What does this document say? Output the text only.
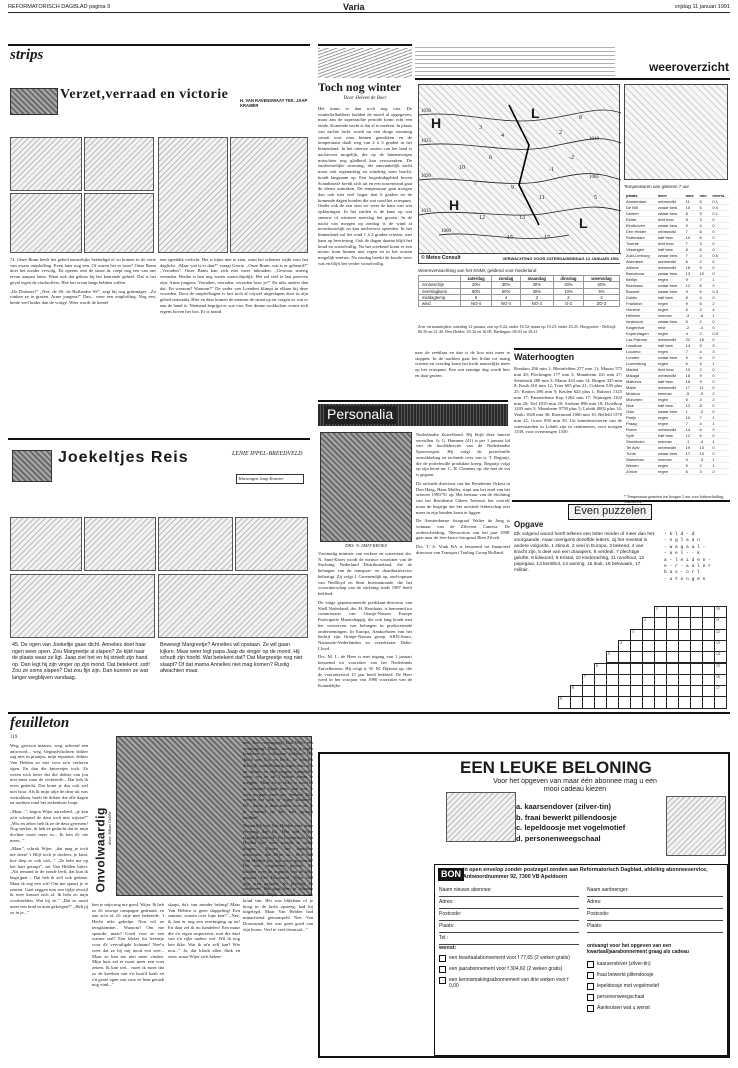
REFORMATORISCH DAGBLAD pagina 9	Varia	vrijdag 11 januari 1991
Verzet,verraad en victorie	H. VAN RAVENSWAAY TEK. JAAP KRAMER
strips

74. Onze Bram heeft het gebed nauwelijks beëindigd of zo komen in de verte van zwaar ontploffing. Even later nog een. Of waren het er twee? Onze Bram doet het zonder vervolg. En opeens rent de straat in, roept nog een van ons ervan aanpen laten. Want ook dat gekras bij het keurende geheel. Dat is het geval tegen de slachtoffers. Hoe het ervan langs hebben willen.

„De Duitsers?” „Nee, de SS, de Hollandse SS”, zegt hij nog grimmiger. „Zo ronken ze te grazen. Arme jongens!” Dan... weer een ontploffing. Nog een, beide veel luider dan de vorige. Weer wordt de hemel

een ogenblik verlicht. Het is bijna niet te zien, want het schemer wijkt voor het daglicht. „Maar wat is er dan?” vraagt Gerrie. „Onze Bram, wat is er gebeurd?” „Verraden”. Onze Bram kan zich niet meer inhouden. „Gewoon smerig verraden. Bertha is hen nog weten waarschijnlijk. Het zal veel te laat proeven zijn. Arme jongens. Verraden, verraden, verraden hoor je?” En niks anders dan dat. En waarom? Waarom?” De vader van Loendert klimpt in elkaar bij deze woorden. Door de ontploffingen is fact toch al vrijwel uitgeslapen door in zijn gebed ontwaakt. Hier en daar komen de mensen de straat op en vragen zo wat er aan de hand is. Niemand begrijpt er wat van. Een dunne rookkolom vormt zich ergens boven het bos. Er is brand.

Joekeltjes Reis	LENIE IPPEL-BREEDVELD
Tekeningen Jaap Kramer
45. De ogen van Joekeltje gaan dicht. Annelies doet haar ogen weer open. Zou Margreetje al slapen? Ze kijkt naar de plaats waar ze ligt. Jaap ziet het en hij streelt zijn hand op. Dan legt hij zijn vinger op zijn mond. Dat betekent: sstt! Zou ze soms slapen? Dat zou fijn zijn. Dan kunnen ze wat langer wegblijven vandaag.
Beweegt Margreetje? Annelies wil opstaan. Ze wil gaan kijken. Maar weer legt papa Jaap de vinger op de mond. Hij schudt zijn hoofd. Wat betekent dat? Dat Margreetje nog niet slaapt? Of dat mama Annelies niet mag komen? Rustig afwachten maar.
feuilleton
119

Weg, gewoon maarzo, weg, achteraf een antwoord... weg, begraafvluchten dokter zag niet in praatjes, mijn reputatie, dokter Van Helden zo met voor zo'n verloren ogen. En dan die knorretjes toch. Ze weten toch beter dat die dokter van jou niet meer naar de verkeerde... Dat heb ik even gedacht. Dat komt je dus ook wel niet hoor. Als ik mijn uitje de deur uit was vertrokken, hoeft de dokter die alle dagen en nachten rond het ziekenhuis loopt.

„Maar...”, begon Wijer aarzelend, „je ken zo'n schepsel de deur toch niet wijzen?” „Wis en zeker heb ik ze de deur gewezen! Nog sterker, ik heb ze gedacht dat ze mijn dochter nooit meer in... Ik ken d'r nie meer...”

„Maar”, schrok Wijer, „dat mag je toch nie doen! 't Blijf toch je dochter, je kind, hoe diep ze ook valt...” „Ze hebt me op het hart getrapt”, zei Van Helden bitter. „Als iemand in de zonde leeft, dat kun ik begrijpen.... Dat heb ik zelf ook gedaan. Maar ik zeg een wit! Om me speurt je te zeuren. Gaat zeggen nou een tijdje terwijl ik twee kussen zich af. Ik hebt zo mijn voorbeelden. Wat hij ze.” „Dat ze nooit meer een kind in nom gekregen?” „Heb jij zo in je...”

Onvolwaardig door Johan Gebbe

ken je mijn nog nie goed, Wijer. Ik heb zo d'r onwaje campagne gedraaid, en aan zo'n af, d'r zitje mee bekeerde. 't Hecht niks geholpe. Nou wil ze terugkomme... Waarom? Om me speurde, maar? Goed voor ze een warme stal? Een lekker lui leventje voor d'r vervuiligde lichaam! Nee!u weet dat ze bij mij nooit een wee... Maar ze kan me niet meer vinden. Mijn huis zal er nooit meer een voet zetten. Ik kan wel... moet ik moet dat zo de kreeken van z'n hoofd haalt en z'n geoie ogen van voor ze hem geraak nog vind...”

slaapt, da's van minder belang! Maar Van Helden is geen slappeling! Een stamtoi, waarin over lope ken!” „Nee, ik hou er nog een overtuiging op na! En daar zel ik nu handelen! Een muur die z'n eigen respecteert, mot die daaf van z'n rijke ouders wel. Wil ik nog ken ikke. Wat ik m'n zelf kan? Wie nou...” Ja, dat klonk allen flink en stoer, maar Wijer zich beken-

nen. Een overtuiging! Had Wijer een overtuiging? Maar... moest je je eigen kinderen zo volkomen loslaten? Hij dacht aan Cor en Rick. Ze konden dikwijls ondeelbaartig tegen hem zijn en dwars, en zijn vingers kaakelden soms, om ze uit 't bruine asmin te meppen. Maar als je zicht in nood of in verstand tegen hem, dan zou je toch nergens meer aan denken! Dan wenste het toch je eigen kinderen. Of... dacht je daar anders over als je je eenmaal op het hart getrapt hadden?

Natuurlijk had Van Helden veel meer ervaring dan hij. Wat had Wijer eigenlijk beleefd? En bovendien, Van Helden had meer inzicht in zulke dingen... Kwam het daardoor misschien, dat Wijer zo... Hoe had Van Helden het ook weer genoemd? Dat was eergisteren gewest. Ze hadden over de organist van de kerk gepraat. Van Doornwal. Wijer had zijn oren gespitst. Zo plechtig en verheven! Het ging hem je lichaam heen, vond Wijer. Je werd er soms koud van. Het was blijkbaar of je hoog in de lucht opsteeg, had hij uitgelegd. Maar Van Helden had minachtend gemompeld. Nee, Van Doornwaal, het was geen goed van zijn koren. Veel te veel theatraal...”

Toch nog winter
Door Heleen de Boer

Het komt er dan toch nog van. De winterliefhebbers hadden de moed al opgegeven, maar aan de superzachte periode komt echt een einde. Komende nacht is dat al te merken. In plaats van zachte lucht wordt nu een droge stroming vanuit oost naar binnen getrokken en de temperatuur daalt weg van 2 à 3 graden in het binnenland. In het uiterste oosten van het land is nachtvorst mogelijk, die op de binnenwegen misschien nog gladheid kan veroorzaken. De zuidwestelijke stroming, die aanvankelijk zacht maar ook regenachtig en winderig weer bracht, houdt langzaam op. Een hogedrukgebied boven Scandinavië breidt zich uit en een oostenwind gaat de dienst uitmaken. De temperatuur gaat morgen dan ook niet veel hoger dan 6 graden en de komende dagen houden die wat rond het vriespunt. Onder ook de zon zien we weer de kans van wat opklaringen. In het zuiden is de kans op wat sneeuw of winterse neerslag het grootst. In de nacht van morgen op zondag is de wind al noordoostelijk en kan nachtvorst optreden. In het binnenland zal het rond 1 à 2 graden vriezen, met kans op bevriezing. Ook de dagen daarna blijft het koud en wisselvallig. Na het weekend komt er een nieuw front binnen met regen en in het oosten mogelijk sneeuw. Na zondag breekt de koude weer wat en blijft het verder wisselvallig.

naar de zeeblaas en dan is de kou niet meer te stoppen. In de nachten gaat het lichte tot matig vriezen en overdag komt het kwik nauwelijks meer op het vriespunt. Een wat zonnige dag wordt hier en daar gezien.

weeroverzicht
H
L
H
L
1030
1025
1020
1015
1010
1005
1000
3
4
6
2
-2
-1
7
9
11
12	13
5
17
15
10
8
© Meteo Consult	VERWACHTING VOOR ZATERDAGMIDDAG 12 JANUARI 1991
Temperaturen van gisteren 7 uur
plaats	weer	max	min	neersl.
Amsterdam	onbewolkt	11	5	0.1
De Bilt	zwaar bew.	10	5	0.4
Deelen	zwaar bew.	8	5	0.1
Eelde	licht bew.	8	3	0
Eindhoven	zwaar bew.	9	4	0
Den Helder	onbewolkt	7	6	0
Rotterdam	half bew.	10	6	0
Twente	licht bew.	7	3	0
Vlissingen	half bew.	8	6	0
Zuid-Limburg	zwaar bew.	7	4	0.6
Aberdeen	onbewolkt	6	2	0
Athene	onbewolkt	16	9	0
Barcelona	zwaar bew.	13	10	0
Berlijn	regen	9	7	1
Bordeaux	zwaar bew.	12	8	0
Brussel	zwaar bew.	9	6	0.3
Dublin	half bew.	8	4	0
Frankfort	regen	9	6	2
Genève	regen	6	3	4
Helsinki	sneeuw	-3	-6	1
Innsbruck	zwaar bew.	5	2	0
Klagenfurt	mist	-2	-4	0
Kopenhagen	regen	4	2	0.5
Las Palmas	onbewolkt	22	16	0
Lissabon	half bew.	14	9	0
Locarno	regen	7	4	3
Londen	zwaar bew.	9	6	0
Luxemburg	regen	6	4	1
Madrid	licht bew.	10	2	0
Malaga	onbewolkt	18	9	0
Mallorca	half bew.	16	9	0
Malta	onbewolkt	17	11	0
Moskou	sneeuw	-5	-9	2
München	regen	6	3	2
Nice	half bew.	13	8	0
Oslo	zwaar bew.	1	-2	0
Parijs	regen	10	7	1
Praag	regen	7	4	1
Rome	onbewolkt	14	6	0
Split	half bew.	12	6	0
Stockholm	sneeuw	-1	-4	1
Tel Aviv	onbewolkt	19	10	0
Tunis	zwaar bew.	17	10	0
Warschau	sneeuw	0	-3	1
Wenen	regen	5	2	1
Zürich	regen	6	3	2
* Temperatuur gemeten ten hoogste 2 uur voor kabsarcluiding waarneemt
Weersverwachting van het KNMI, geldend voor Nederland
	zaterdag	zondag	maandag	dinsdag	woensdag
zonneschijn	20%	30%	30%	30%	40%
neerslagkans	50%	50%	30%	10%	5%
middagtemp.	6	4	3	2	2
wind	NO-4	NO-4	NO-3	O-3	ZO-3
Zon- en maantijden: zaterdag 12 januari, zon op 8.44, onder 16.52; maan op 10.23, onder 23.25. Hoogwater - Delfzijl: 06.56 en 21.40. Den Helder: 03.34 en 16.09. Harlingen: 06.03 en 18.41.
Waterhoogten
Rondaro 296 min 1; Rheinfelden 277 min 11; Maxau 575 min 28; Plochingen 177 min 3; Mannheim 431 min 27; Steinbach 288 min 5; Mainz 443 min 14; Bingen 335 min 8; Kaub 410 min 12; Trier 605 plus 21; Coblenz 549 plus 25; Keulen 490 min 9; Keulen 624 plus 1; Ruhrort 1325 min 17; Pannerdense Kop 1262 min 17; Nijmegen 1102 min 20; Tiel 1010 min 20; Arnhem 896 min 18; IJsselkop 1203 min 5; Monsheim 9750 plus 5; Lobith 8002 plus 14; Venlo 1820 min 36; Roermond 1060 min 10; Belfeld 1570 min 22; Grave 850 min 30. Uit benedenrivieren van de waterstanden in Lobith zijn in centimeters, voor morgen 1330, voor overmorgen 1330.
Personalia
DRS. N. SMIT-KROES

Voormalig minister van verkeer en waterstaat drs. N. Smit-Kroes wordt de nieuwe voorzitter van de Stichting Nederland Distributieland, die de belangen van de transport- en distributiesector behartigt. Zij volgt J. Groenendijk op, oud-topman van Nedlloyd en Smit Internationale, die het voorzitterschap van de stichting sinds 1987 heeft bekleed.

De enige gepensioneerde predikant-directeur van Shell Nederland, drs. H. Hoorkaas, is benoemd tot commissaris van Oranje-Nassau Europe Participatie Maatschappij, die ook lang houdt met het verwerven van belangen in producerende ondernemingen. In Europa, Aankoeboen van het bedrijf zijn Oranje-Nassau groep, ABN/Amro, Nationale-Nederlanden en verzekeraar Delta-Lloyd.

Drs. M. L. de Heer is met ingang van 1 januari benoemd tot voorzitter van het Nederlands Zuivelbureau. Hij volgt ir. W. M. Dijkstra op, die de voorzittersrol 15 jaar heeft bekleed. De Heer werd in het voorjaar van 1990 voorzitter van de Koninklijke

Nederlandse Zuivelbond. Hij blijft deze functie vervullen. Ir. G. Hammer (41) is per 1 januari lid van de hoofddirectie van de Nederlandse Spoorwegen. Hij volgt de portefeuille ontwikkeling en techniek over van ir. T. Regtuijt, die de portefeuille produktie kreeg. Regtuijt volgt op zijn beurt mr. C. H. Clemens op, die met de vut is gegaan.

De artistiek directeur van het Residentie Orkest in Den Haag, Hans Muller, stapt aan het eind van het seizoen 1990/'91 op. Het bestuur van de Stichting van het Residentie Orkest 'betreurt het vertrek' maar de begrijpt dat het artistiek leiderschap niet meer in zijn handen komt te liggen.

De Amsterdamse fotograaf Walter de Jong is winnaar van de Zilveren Camera. De onderscheiding, 'Nieuwsfoto van het jaar 1990' gaat naar de free-lance-fotograaf Rien Zilvelt.

Drs. T. S. Vonk BA is benoemd tot financieel directeur van Transport Trading Groep Holland.

Even puzzelen
Opgave
Elk volgend woord heeft telkens een letter minder of meer dan het voorgaande, maar overigens dezelfde letters, zij het meestal in andere volgorde. 1 stimus, 2 veel in Europa, 3 bekend, 4 van kracht zijn, 5 deel van een draaipers, 6 verdedi, 7 plechtige gelofte, 8 lidwoord, 9 Kristal, 10 kinderachtig, 11 rondhout, 12 papegaai, 13 kerstbol, 14 woning, 15 leuk, 16 bekwaam, 17 militair.
- k l d - d
- n g l a a n
- w a g a a l -
- a e l - - k
a - l e i d e n -
e - r - a a l e r
b a s - o r l
- u t e n g e n
1	10
2	11
3	12
4	13
5	14
6	15
7	16
8	17
9
EEN LEUKE BELONING
Voor het opgeven van maar één abonnee mag u een mooi cadeau kiezen
a. kaarsendover (zilver-tin)
b. fraai bewerkt pillendoosje
c. lepeldoosje met vogelmotief
d. personenweegschaal
BON in open envelop zonder postzegel zenden aan Reformatorisch Dagblad, afdeling abonneeservice, Antwoordnummer 92, 7300 VB Apeldoorn
Naam nieuwe abonnee:
Adres:
Postcode:
Plaats:
Tel.:
Naam aanbrenger:
Adres:
Postcode:
Plaats:
wenst:
een kwartaalabonnement voor f 77,65 (2 weken gratis)
een jaarabonnement voor f 304,60 (2 weken gratis)
een kennismakingsabonnement van drie weken voor f 0,00
ontvangt voor het opgeven van een kwartaal/jaarabonnement graag als cadeau
kaarsendover (zilver-tin)
fraai bewerkt pillendoosje
lepeldoosje met vogelmotief
personenweegschaal
Aankruisen wat u wenst
